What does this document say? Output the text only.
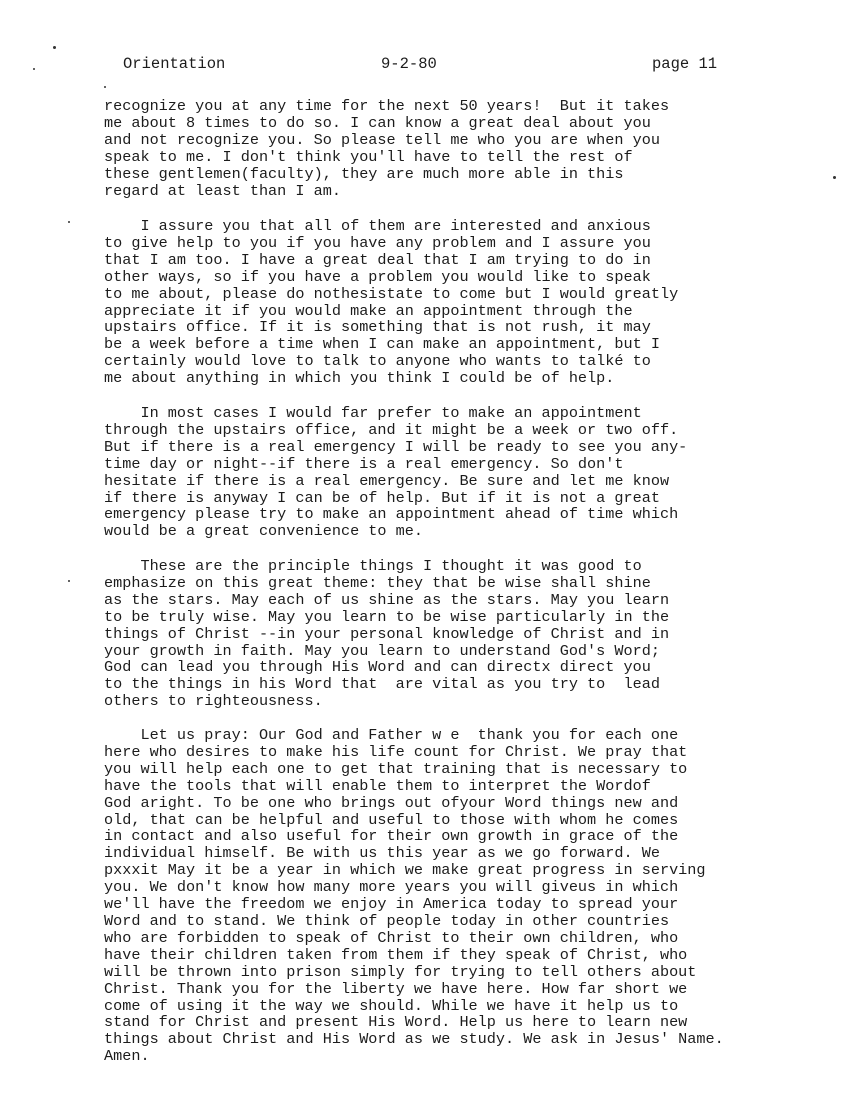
Orientation	9-2-80	page 11

recognize you at any time for the next 50 years!  But it takes
me about 8 times to do so. I can know a great deal about you
and not recognize you. So please tell me who you are when you
speak to me. I don't think you'll have to tell the rest of
these gentlemen(faculty), they are much more able in this
regard at least than I am.

I assure you that all of them are interested and anxious
to give help to you if you have any problem and I assure you
that I am too. I have a great deal that I am trying to do in
other ways, so if you have a problem you would like to speak
to me about, please do nothesistate to come but I would greatly
appreciate it if you would make an appointment through the
upstairs office. If it is something that is not rush, it may
be a week before a time when I can make an appointment, but I
certainly would love to talk to anyone who wants to talké to
me about anything in which you think I could be of help.

In most cases I would far prefer to make an appointment
through the upstairs office, and it might be a week or two off.
But if there is a real emergency I will be ready to see you any-
time day or night--if there is a real emergency. So don't
hesitate if there is a real emergency. Be sure and let me know
if there is anyway I can be of help. But if it is not a great
emergency please try to make an appointment ahead of time which
would be a great convenience to me.

These are the principle things I thought it was good to
emphasize on this great theme: they that be wise shall shine
as the stars. May each of us shine as the stars. May you learn
to be truly wise. May you learn to be wise particularly in the
things of Christ --in your personal knowledge of Christ and in
your growth in faith. May you learn to understand God's Word;
God can lead you through His Word and can directx direct you
to the things in his Word that  are vital as you try to  lead
others to righteousness.

Let us pray: Our God and Father w e  thank you for each one
here who desires to make his life count for Christ. We pray that
you will help each one to get that training that is necessary to
have the tools that will enable them to interpret the Wordof
God aright. To be one who brings out ofyour Word things new and
old, that can be helpful and useful to those with whom he comes
in contact and also useful for their own growth in grace of the
individual himself. Be with us this year as we go forward. We
pxxxit May it be a year in which we make great progress in serving
you. We don't know how many more years you will giveus in which
we'll have the freedom we enjoy in America today to spread your
Word and to stand. We think of people today in other countries
who are forbidden to speak of Christ to their own children, who
have their children taken from them if they speak of Christ, who
will be thrown into prison simply for trying to tell others about
Christ. Thank you for the liberty we have here. How far short we
come of using it the way we should. While we have it help us to
stand for Christ and present His Word. Help us here to learn new
things about Christ and His Word as we study. We ask in Jesus' Name.
Amen.
